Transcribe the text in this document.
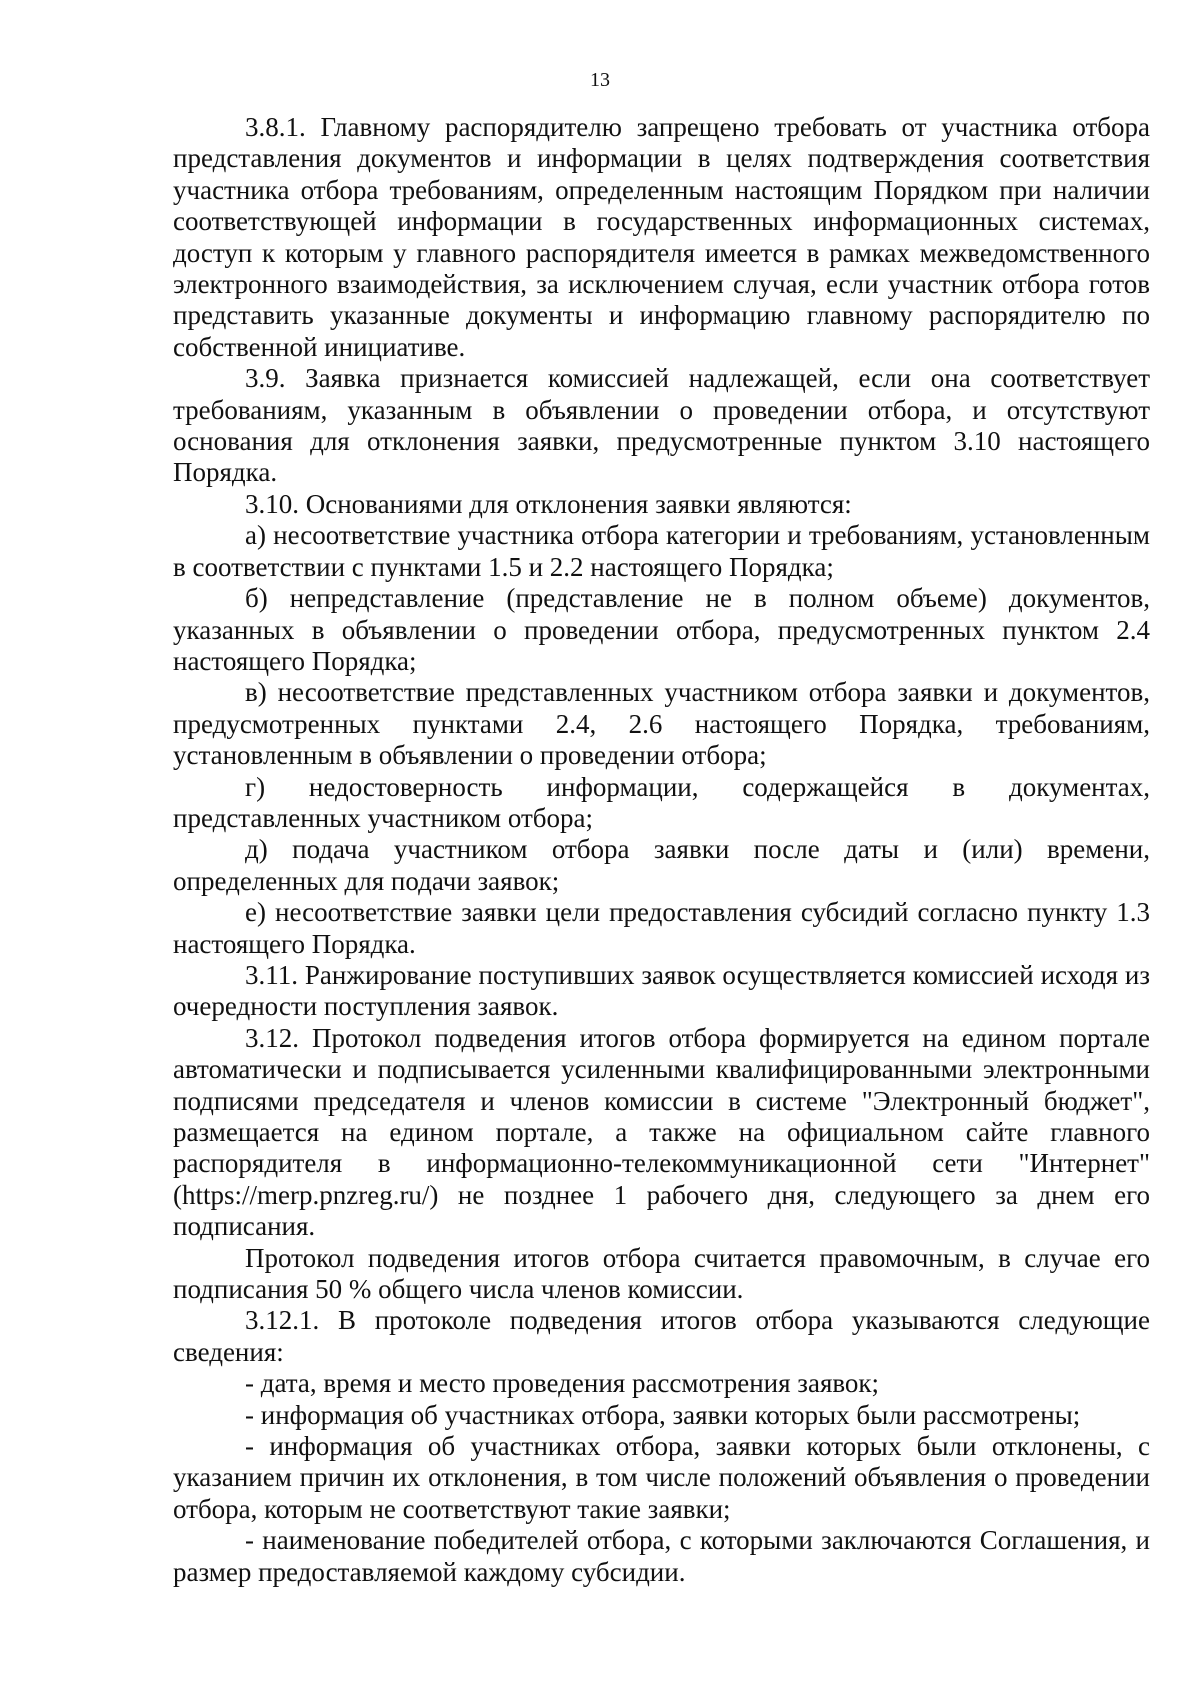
13

3.8.1. Главному распорядителю запрещено требовать от участника отбора представления документов и информации в целях подтверждения соответствия участника отбора требованиям, определенным настоящим Порядком при наличии соответствующей информации в государственных информационных системах, доступ к которым у главного распорядителя имеется в рамках межведомственного электронного взаимодействия, за исключением случая, если участник отбора готов представить указанные документы и информацию главному распорядителю по собственной инициативе.

3.9. Заявка признается комиссией надлежащей, если она соответствует требованиям, указанным в объявлении о проведении отбора, и отсутствуют основания для отклонения заявки, предусмотренные пунктом 3.10 настоящего Порядка.

3.10. Основаниями для отклонения заявки являются:

а) несоответствие участника отбора категории и требованиям, установленным в соответствии с пунктами 1.5 и 2.2 настоящего Порядка;

б) непредставление (представление не в полном объеме) документов, указанных в объявлении о проведении отбора, предусмотренных пунктом 2.4 настоящего Порядка;

в) несоответствие представленных участником отбора заявки и документов, предусмотренных пунктами 2.4, 2.6 настоящего Порядка, требованиям, установленным в объявлении о проведении отбора;

г) недостоверность информации, содержащейся в документах, представленных участником отбора;

д) подача участником отбора заявки после даты и (или) времени, определенных для подачи заявок;

е) несоответствие заявки цели предоставления субсидий согласно пункту 1.3 настоящего Порядка.

3.11. Ранжирование поступивших заявок осуществляется комиссией исходя из очередности поступления заявок.

3.12. Протокол подведения итогов отбора формируется на едином портале автоматически и подписывается усиленными квалифицированными электронными подписями председателя и членов комиссии в системе "Электронный бюджет", размещается на едином портале, а также на официальном сайте главного распорядителя в информационно-телекоммуникационной сети "Интернет" (https://merp.pnzreg.ru/) не позднее 1 рабочего дня, следующего за днем его подписания.

Протокол подведения итогов отбора считается правомочным, в случае его подписания 50 % общего числа членов комиссии.

3.12.1. В протоколе подведения итогов отбора указываются следующие сведения:

- дата, время и место проведения рассмотрения заявок;

- информация об участниках отбора, заявки которых были рассмотрены;

- информация об участниках отбора, заявки которых были отклонены, с указанием причин их отклонения, в том числе положений объявления о проведении отбора, которым не соответствуют такие заявки;

- наименование победителей отбора, с которыми заключаются Соглашения, и размер предоставляемой каждому субсидии.
